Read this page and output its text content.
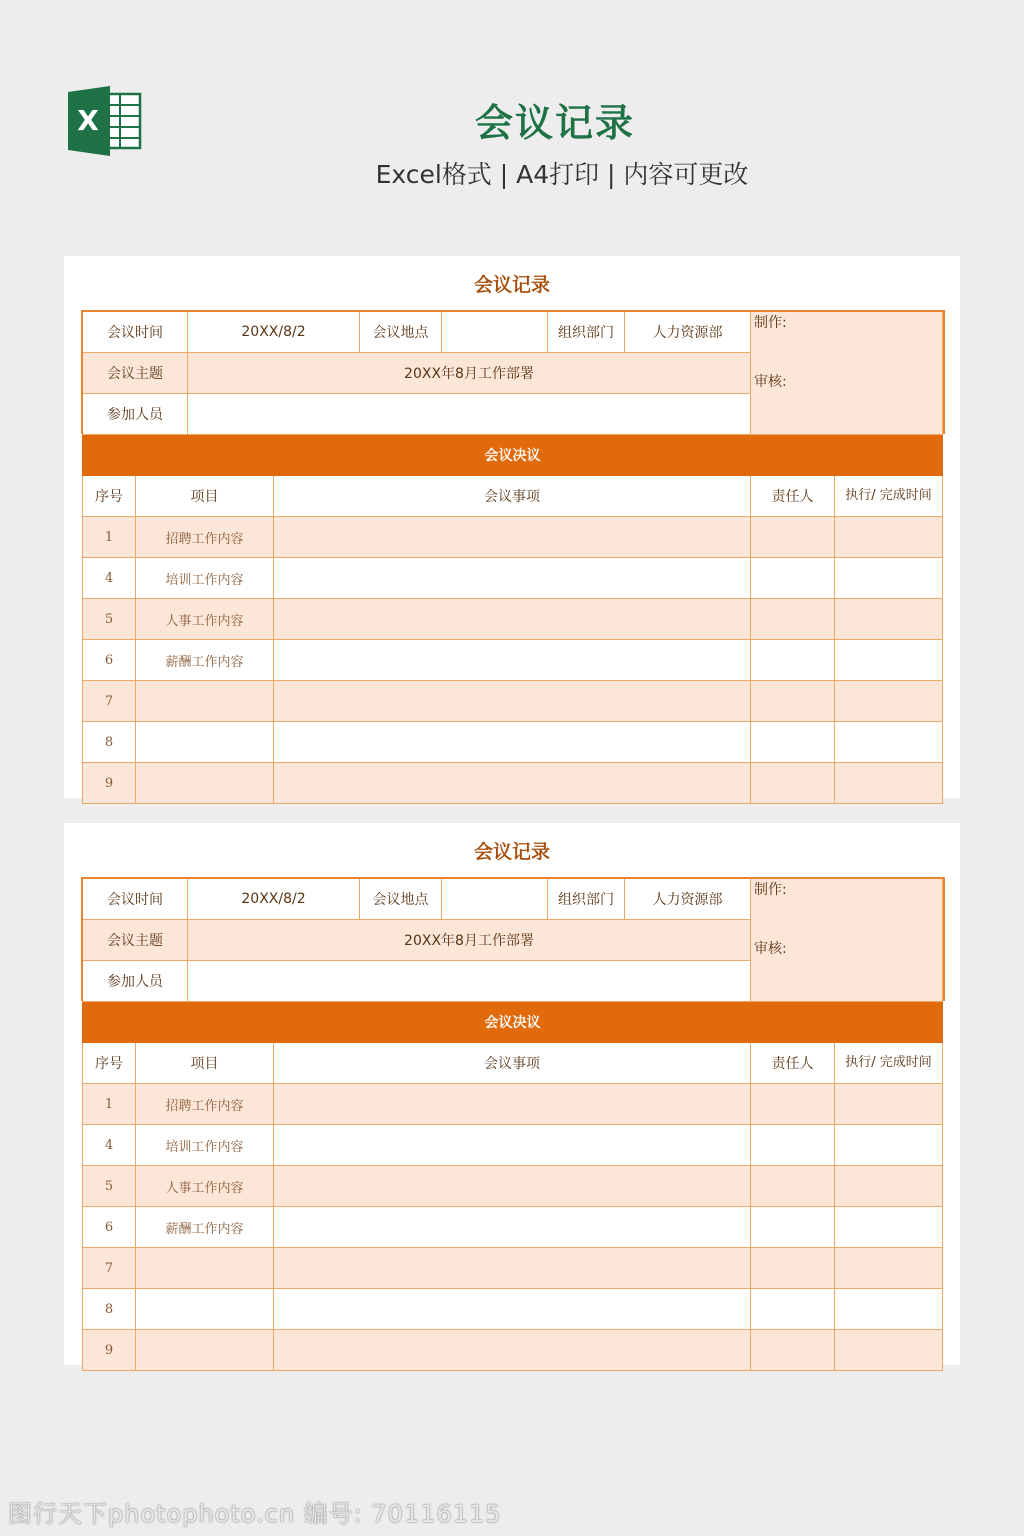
X	会议记录
Excel格式 | A4打印 | 内容可更改
会议记录
会议时间		20XX/8/2		会议地点		组织部门	人力资源部	制作:
审核:	

会议主题		20XX年8月工作部署							
参加人员									
会议决议									
序号	项目		会议事项					责任人	执行/ 完成时间
1	招聘工作内容								
4	培训工作内容								
5	人事工作内容								
6	薪酬工作内容								
7									
8									
9									
会议记录
会议时间		20XX/8/2		会议地点		组织部门	人力资源部	制作:
审核:	

会议主题		20XX年8月工作部署							
参加人员									
会议决议									
序号	项目		会议事项					责任人	执行/ 完成时间
1	招聘工作内容								
4	培训工作内容								
5	人事工作内容								
6	薪酬工作内容								
7									
8									
9									
图行天下photophoto.cn 编号: 70116115
